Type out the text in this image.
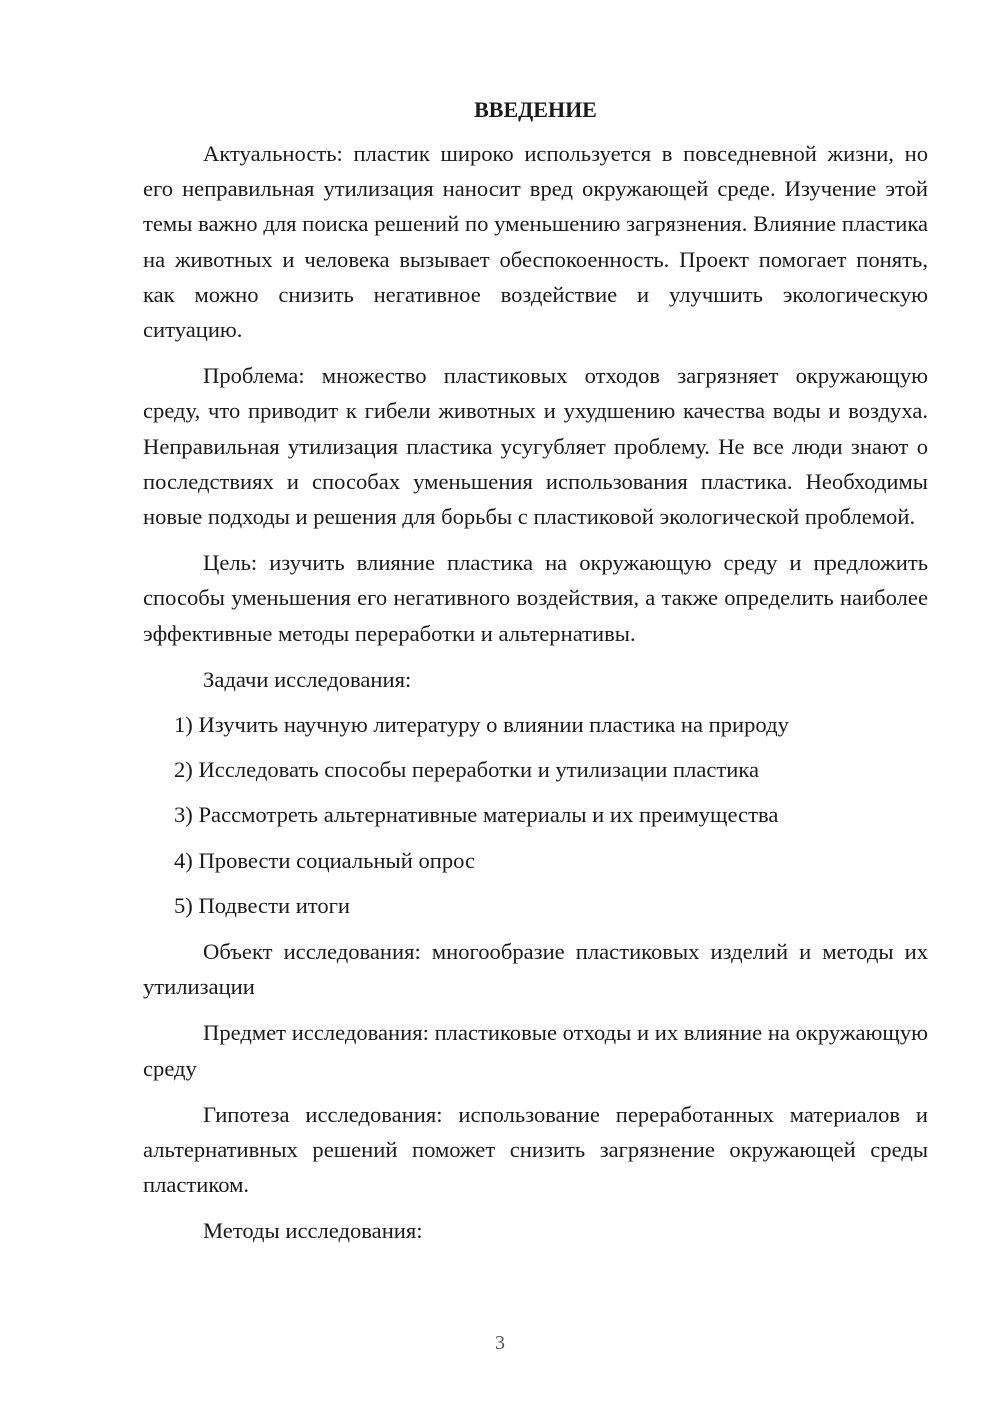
ВВЕДЕНИЕ

Актуальность: пластик широко используется в повседневной жизни, но его неправильная утилизация наносит вред окружающей среде. Изучение этой темы важно для поиска решений по уменьшению загрязнения. Влияние пластика на животных и человека вызывает обеспокоенность. Проект помогает понять, как можно снизить негативное воздействие и улучшить экологическую ситуацию.

Проблема: множество пластиковых отходов загрязняет окружающую среду, что приводит к гибели животных и ухудшению качества воды и воздуха. Неправильная утилизация пластика усугубляет проблему. Не все люди знают о последствиях и способах уменьшения использования пластика. Необходимы новые подходы и решения для борьбы с пластиковой экологической проблемой.

Цель: изучить влияние пластика на окружающую среду и предложить способы уменьшения его негативного воздействия, а также определить наиболее эффективные методы переработки и альтернативы.

Задачи исследования:

1) Изучить научную литературу о влиянии пластика на природу

2) Исследовать способы переработки и утилизации пластика

3) Рассмотреть альтернативные материалы и их преимущества

4) Провести социальный опрос

5) Подвести итоги

Объект исследования: многообразие пластиковых изделий и методы их утилизации

Предмет исследования: пластиковые отходы и их влияние на окружающую среду

Гипотеза исследования: использование переработанных материалов и альтернативных решений поможет снизить загрязнение окружающей среды пластиком.

Методы исследования:

3
